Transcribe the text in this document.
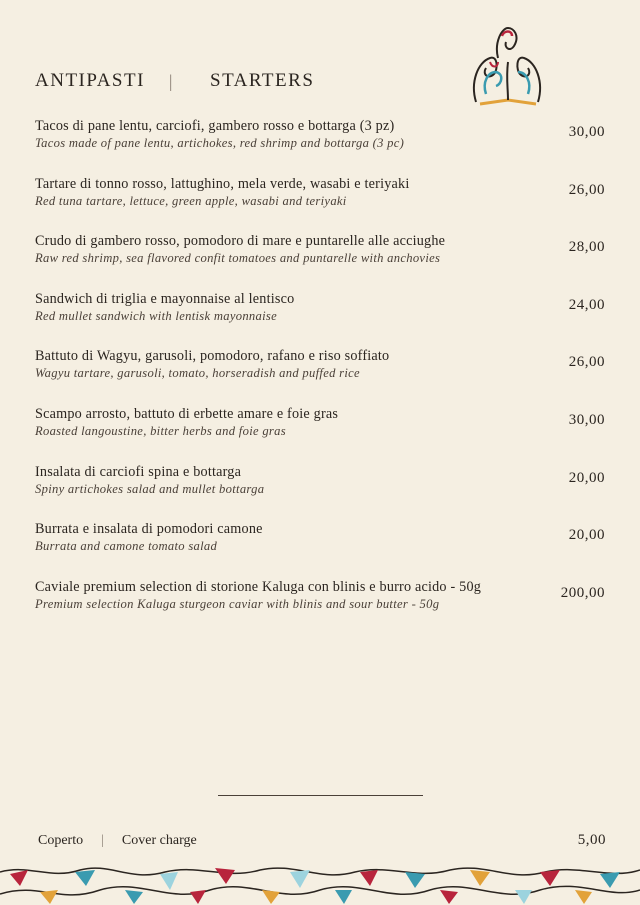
ANTIPASTI | STARTERS
Tacos di pane lentu, carciofi, gambero rosso e bottarga (3 pz)
Tacos made of pane lentu, artichokes, red shrimp and bottarga (3 pc)
30,00
Tartare di tonno rosso, lattughino, mela verde, wasabi e teriyaki
Red tuna tartare, lettuce, green apple, wasabi and teriyaki
26,00
Crudo di gambero rosso, pomodoro di mare e puntarelle alle acciughe
Raw red shrimp, sea flavored confit tomatoes and puntarelle with anchovies
28,00
Sandwich di triglia e mayonnaise al lentisco
Red mullet sandwich with lentisk mayonnaise
24,00
Battuto di Wagyu, garusoli, pomodoro, rafano e riso soffiato
Wagyu tartare, garusoli, tomato, horseradish and puffed rice
26,00
Scampo arrosto, battuto di erbette amare e foie gras
Roasted langoustine, bitter herbs and foie gras
30,00
Insalata di carciofi spina e bottarga
Spiny artichokes salad and mullet bottarga
20,00
Burrata e insalata di pomodori camone
Burrata and camone tomato salad
20,00
Caviale premium selection di storione Kaluga con blinis e burro acido - 50g
Premium selection Kaluga sturgeon caviar with blinis and sour butter - 50g
200,00
Coperto | Cover charge	5,00
